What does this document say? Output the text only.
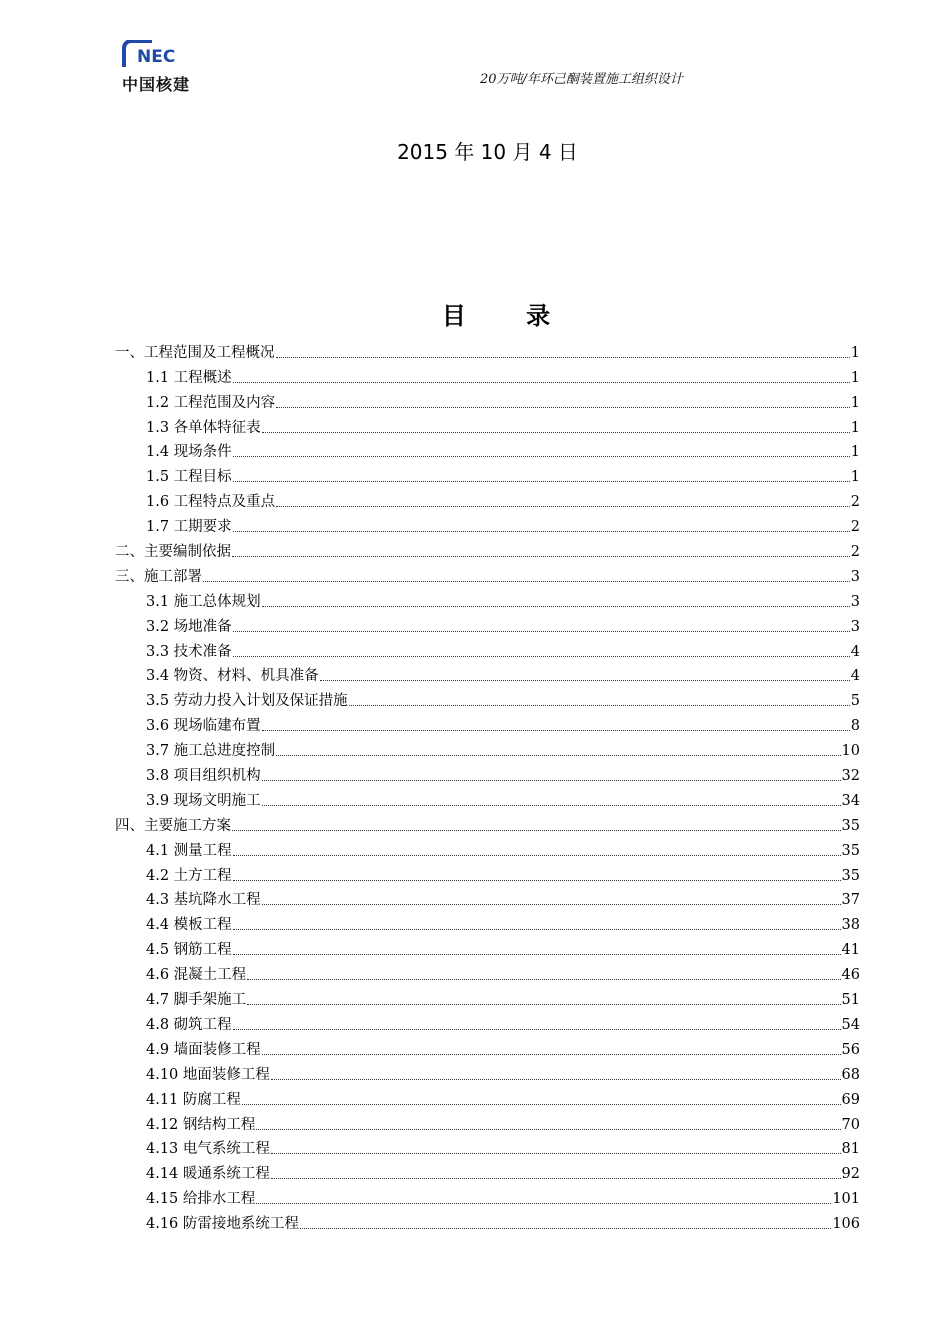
NEC
中国核建	20万吨/年环己酮装置施工组织设计
2015 年 10 月 4 日
目 录
一、工程范围及工程概况	1
1.1 工程概述	1
1.2 工程范围及内容	1
1.3 各单体特征表	1
1.4 现场条件	1
1.5 工程目标	1
1.6 工程特点及重点	2
1.7 工期要求	2
二、主要编制依据	2
三、施工部署	3
3.1 施工总体规划	3
3.2 场地准备	3
3.3 技术准备	4
3.4 物资、材料、机具准备	4
3.5 劳动力投入计划及保证措施	5
3.6 现场临建布置	8
3.7 施工总进度控制	10
3.8 项目组织机构	32
3.9 现场文明施工	34
四、主要施工方案	35
4.1 测量工程	35
4.2 土方工程	35
4.3 基坑降水工程	37
4.4 模板工程	38
4.5 钢筋工程	41
4.6 混凝土工程	46
4.7 脚手架施工	51
4.8 砌筑工程	54
4.9 墙面装修工程	56
4.10 地面装修工程	68
4.11 防腐工程	69
4.12 钢结构工程	70
4.13 电气系统工程	81
4.14 暖通系统工程	92
4.15 给排水工程	101
4.16 防雷接地系统工程	106
